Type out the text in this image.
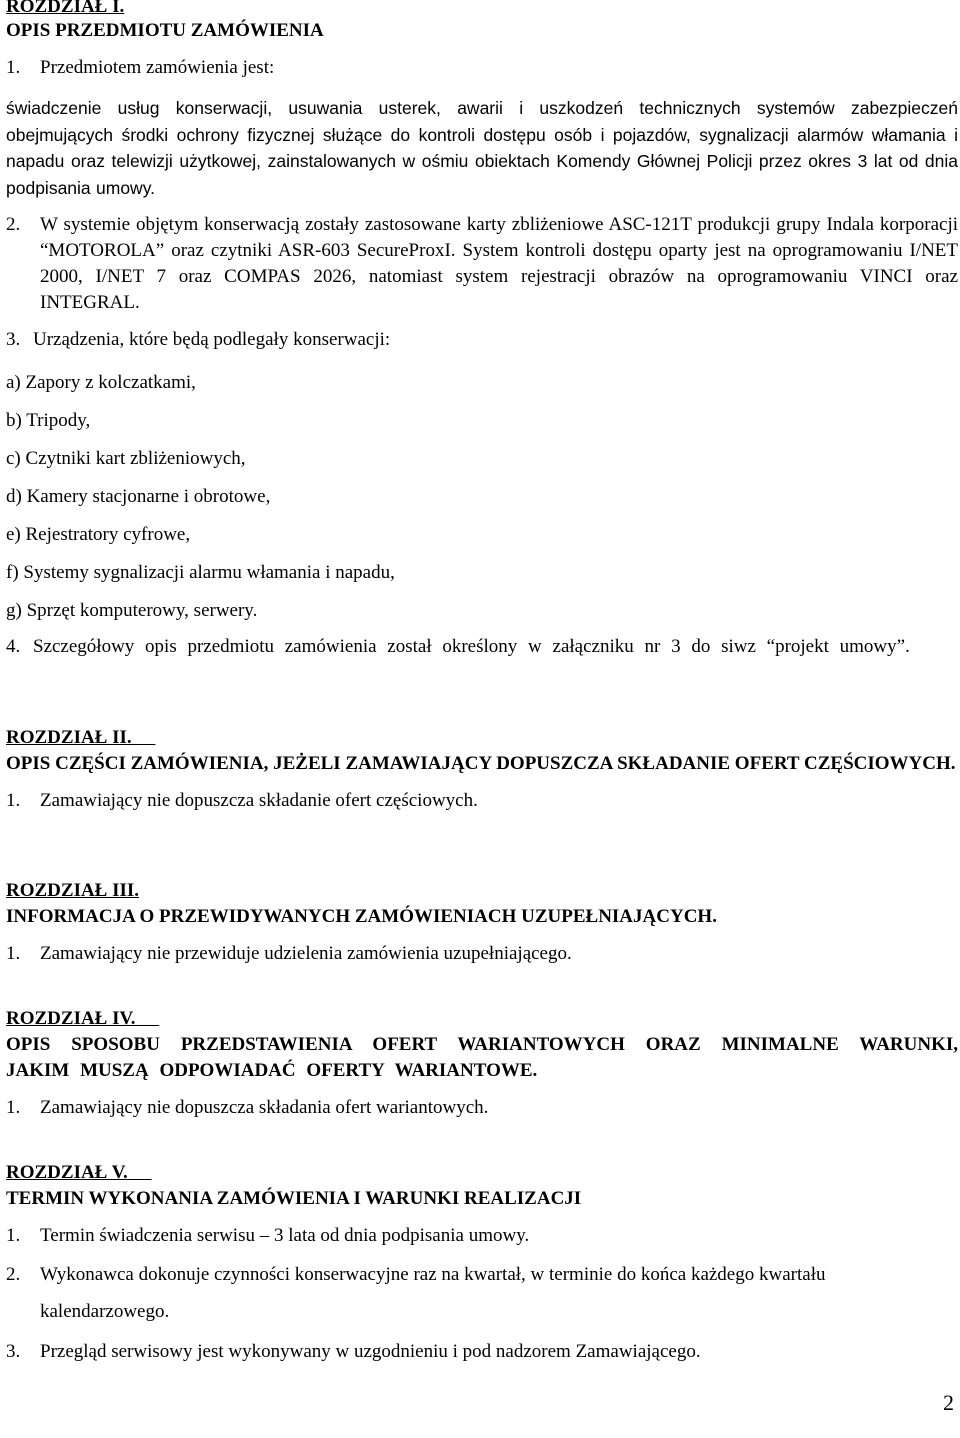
ROZDZIAŁ I.

OPIS PRZEDMIOTU ZAMÓWIENIA

1.	Przedmiotem zamówienia jest:

świadczenie usług konserwacji, usuwania usterek, awarii i uszkodzeń technicznych systemów zabezpieczeń obejmujących środki ochrony fizycznej służące do kontroli dostępu osób i pojazdów, sygnalizacji alarmów włamania i napadu oraz telewizji użytkowej, zainstalowanych w ośmiu obiektach Komendy Głównej Policji przez okres 3 lat od dnia podpisania umowy.

2.	W systemie objętym konserwacją zostały zastosowane karty zbliżeniowe ASC-121T produkcji grupy Indala korporacji “MOTOROLA” oraz czytniki ASR-603 SecureProxI. System kontroli dostępu oparty jest na oprogramowaniu I/NET 2000, I/NET 7 oraz COMPAS 2026, natomiast system rejestracji obrazów na oprogramowaniu VINCI oraz INTEGRAL.
3. Urządzenia, które będą podlegały konserwacji:

a) Zapory z kolczatkami,

b) Tripody,

c) Czytniki kart zbliżeniowych,

d) Kamery stacjonarne i obrotowe,

e) Rejestratory cyfrowe,

f) Systemy sygnalizacji alarmu włamania i napadu,

g) Sprzęt komputerowy, serwery.

4. Szczegółowy opis przedmiotu zamówienia został określony w załączniku nr 3 do siwz “projekt umowy”.

ROZDZIAŁ II.

OPIS CZĘŚCI ZAMÓWIENIA, JEŻELI ZAMAWIAJĄCY DOPUSZCZA SKŁADANIE OFERT CZĘŚCIOWYCH.

1.	Zamawiający nie dopuszcza składanie ofert częściowych.

ROZDZIAŁ III.

INFORMACJA O PRZEWIDYWANYCH ZAMÓWIENIACH UZUPEŁNIAJĄCYCH.

1.	Zamawiający nie przewiduje udzielenia zamówienia uzupełniającego.

ROZDZIAŁ IV.

OPIS SPOSOBU PRZEDSTAWIENIA OFERT WARIANTOWYCH ORAZ MINIMALNE WARUNKI, JAKIM MUSZĄ ODPOWIADAĆ OFERTY WARIANTOWE.

1.	Zamawiający nie dopuszcza składania ofert wariantowych.

ROZDZIAŁ V.

TERMIN WYKONANIA ZAMÓWIENIA I WARUNKI REALIZACJI

1.	Termin świadczenia serwisu – 3 lata od dnia podpisania umowy.
2.	Wykonawca dokonuje czynności konserwacyjne raz na kwartał, w terminie do końca każdego kwartału kalendarzowego.
3.	Przegląd serwisowy jest wykonywany w uzgodnieniu i pod nadzorem Zamawiającego.
2
